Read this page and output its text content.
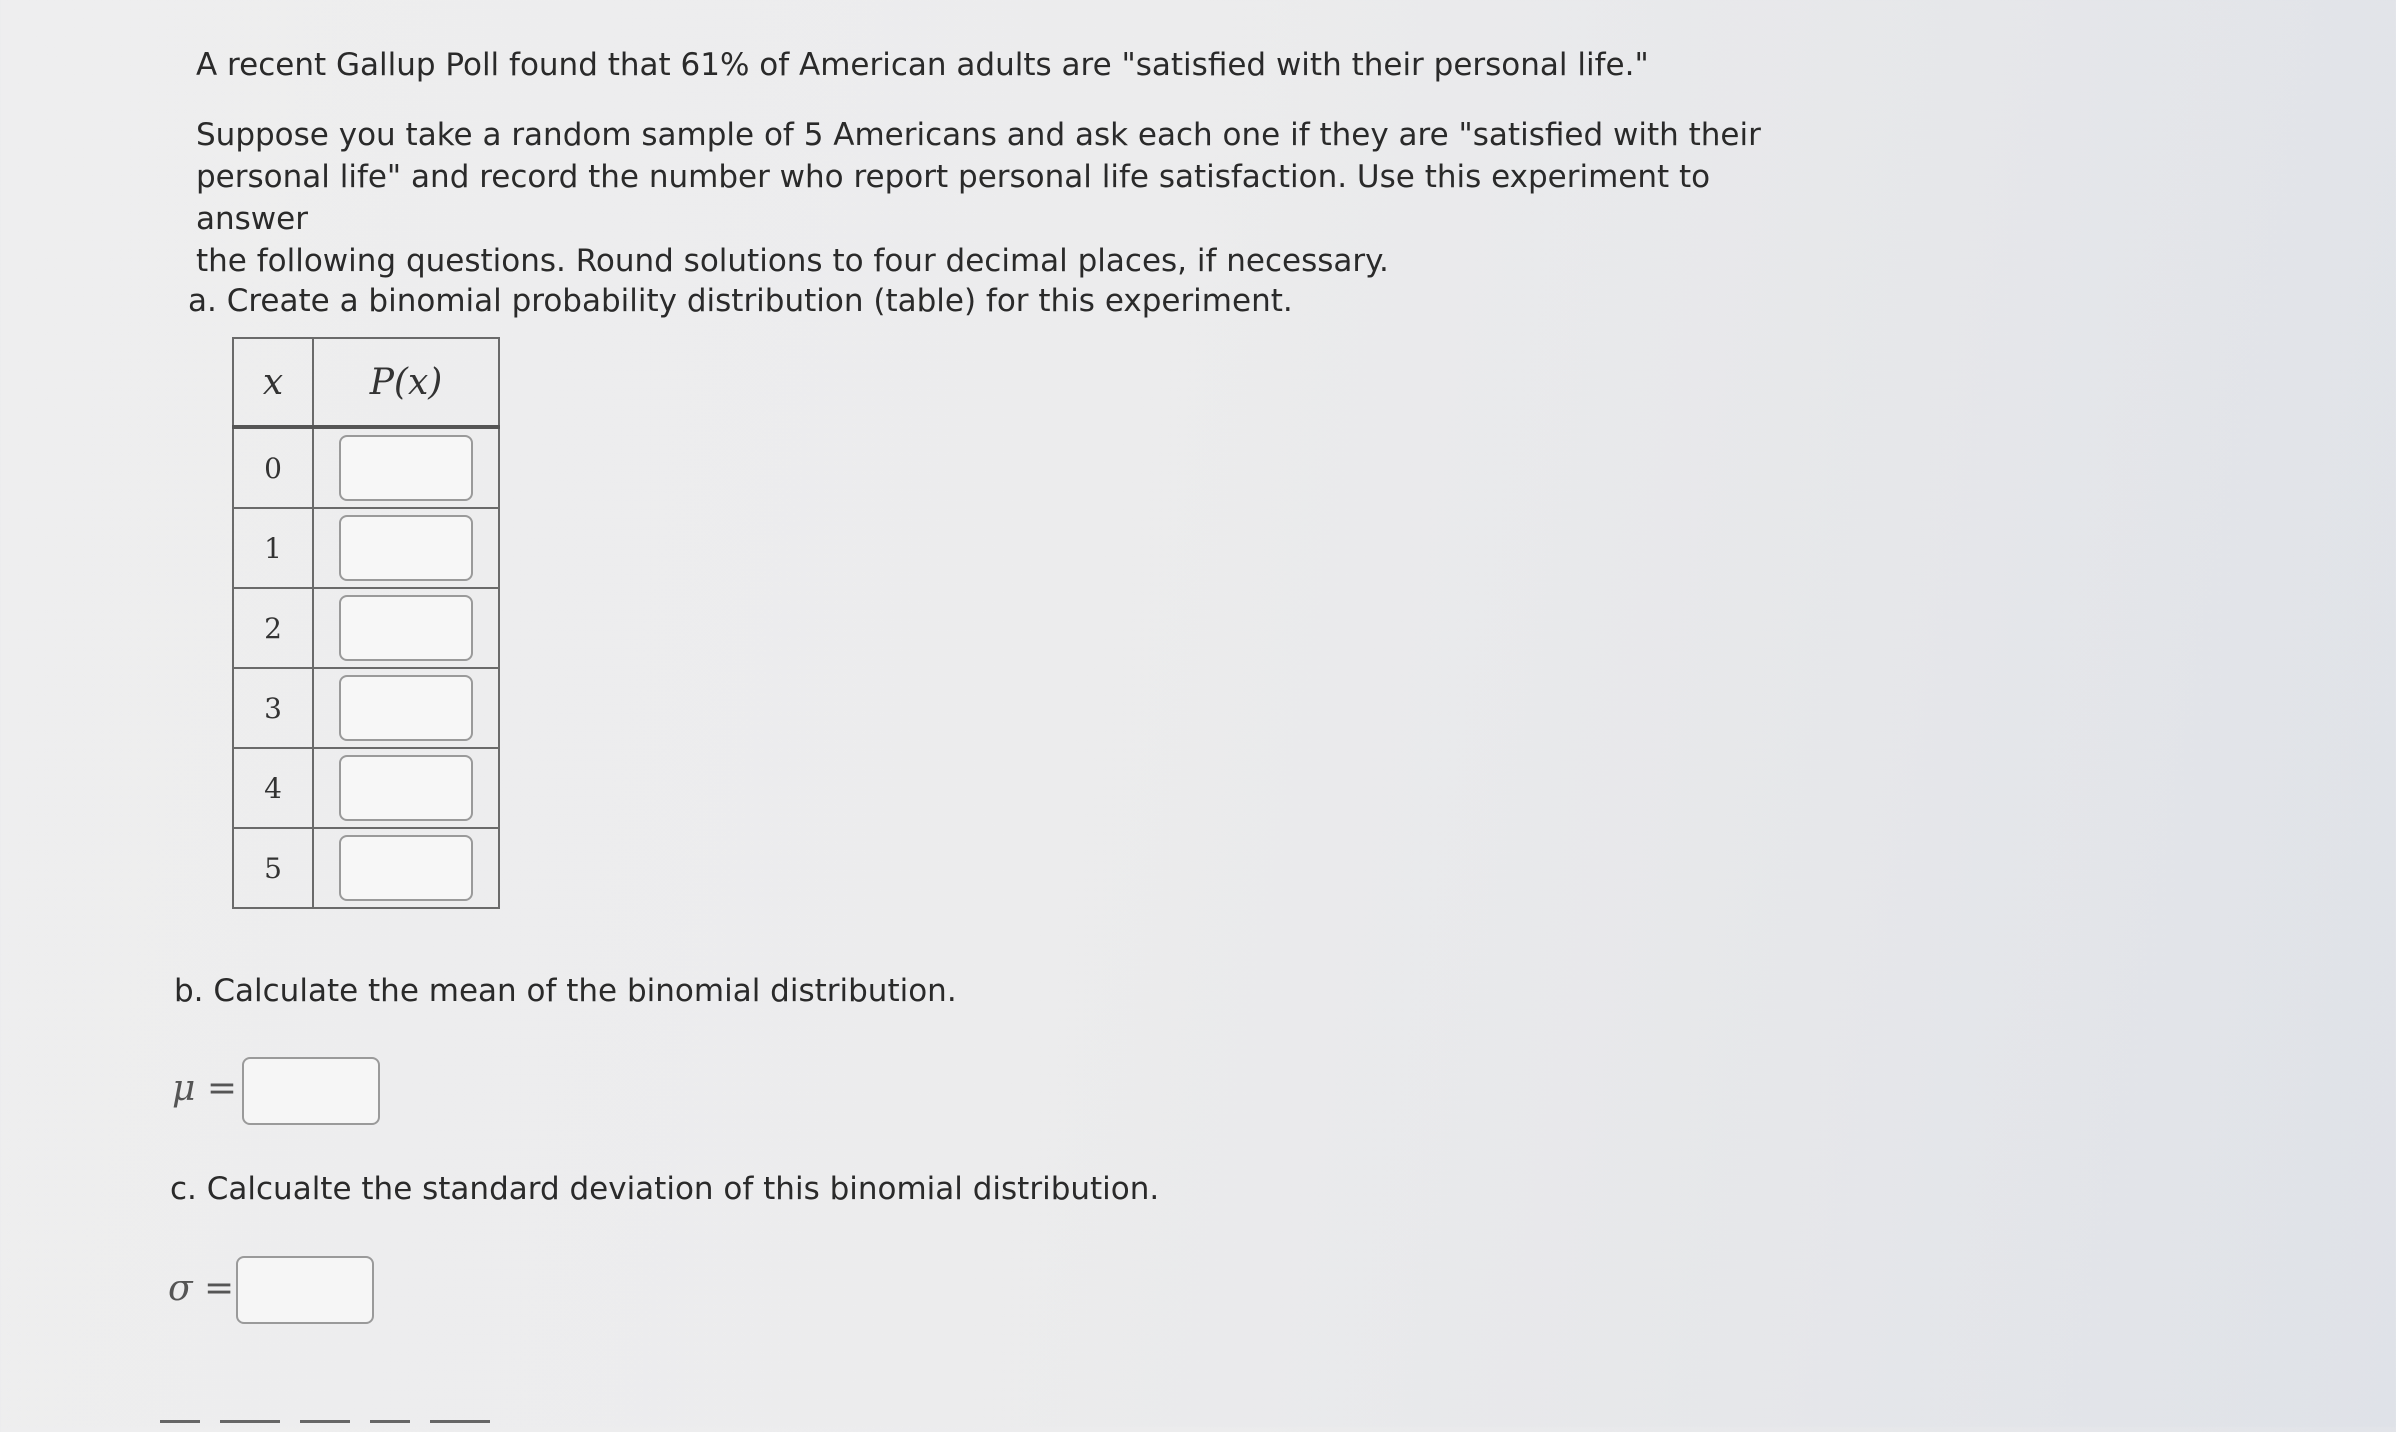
A recent Gallup Poll found that 61% of American adults are "satisfied with their personal life."

Suppose you take a random sample of 5 Americans and ask each one if they are "satisfied with their
personal life" and record the number who report personal life satisfaction. Use this experiment to answer
the following questions. Round solutions to four decimal places, if necessary.

a. Create a binomial probability distribution (table) for this experiment.

x	P(x)
0	

1	

2	

3	

4	

5	

b. Calculate the mean of the binomial distribution.

μ =

c. Calcualte the standard deviation of this binomial distribution.

σ =
